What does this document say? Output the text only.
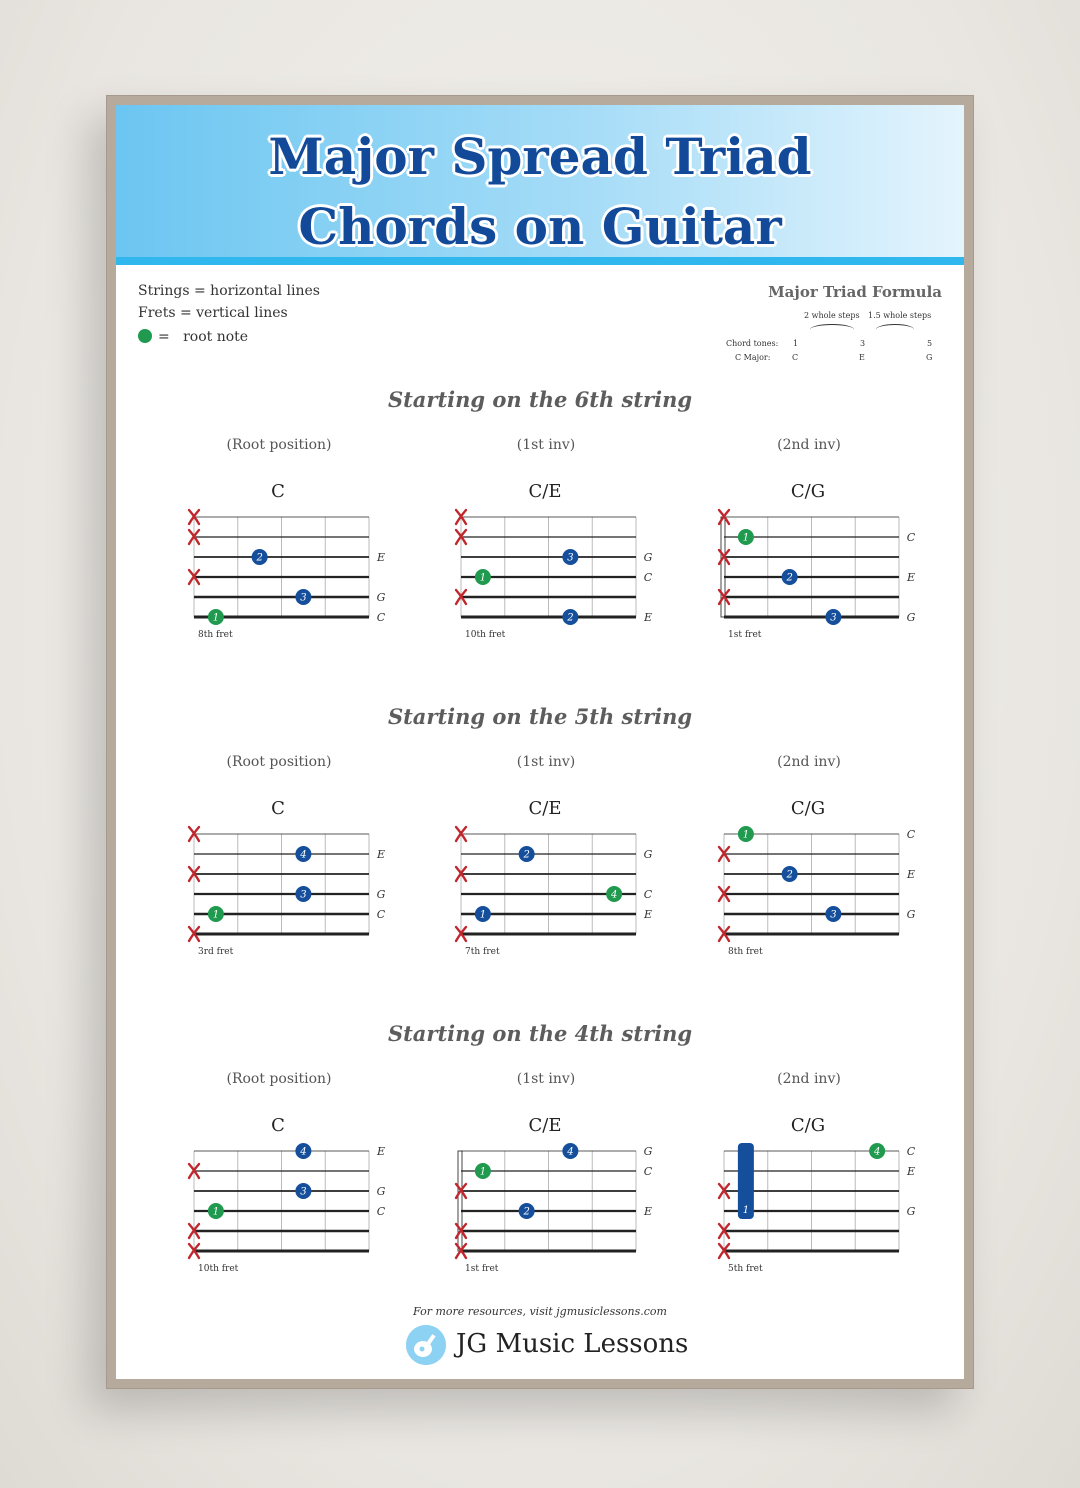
Major Spread Triad
Chords on Guitar
Strings = horizontal lines
Frets = vertical lines
= root note
Major Triad Formula
2 whole steps 1.5 whole steps
Chord tones: 1	3	5
C Major:	C	E	G
Starting on the 6th string
(Root position)
C
2
3
1
E
G
C
8th fret
(1st inv)
C/E
3
1
2
G
C
E
10th fret
(2nd inv)
C/G
1
2
3
C
E
G
1st fret
Starting on the 5th string
(Root position)
C
4
3
1
E
G
C
3rd fret
(1st inv)
C/E
2
4
1
G
C
E
7th fret
(2nd inv)
C/G
1
2
3
C
E
G
8th fret
Starting on the 4th string
(Root position)
C
4
3
1
E
G
C
10th fret
(1st inv)
C/E
4
1
2
G
C
E
1st fret
(2nd inv)
C/G
1
4 C
E
G
5th fret
For more resources, visit jgmusiclessons.com
JG Music Lessons
